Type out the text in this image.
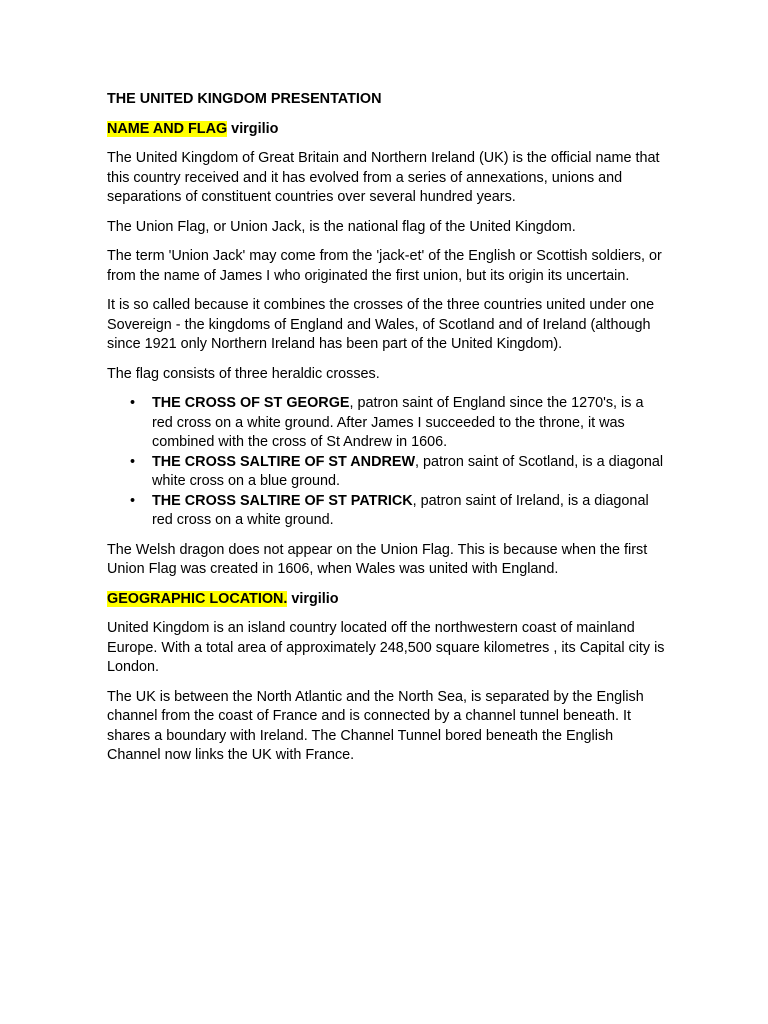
THE UNITED KINGDOM PRESENTATION
NAME AND FLAG virgilio

The United Kingdom of Great Britain and Northern Ireland (UK) is the official name that this country received and it has evolved from a series of annexations, unions and separations of constituent countries over several hundred years.

The Union Flag, or Union Jack, is the national flag of the United Kingdom.

The term 'Union Jack' may come from the 'jack-et' of the English or Scottish soldiers, or from the name of James I who originated the first union, but its origin its uncertain.

It is so called because it combines the crosses of the three countries united under one Sovereign - the kingdoms of England and Wales, of Scotland and of Ireland (although since 1921 only Northern Ireland has been part of the United Kingdom).

The flag consists of three heraldic crosses.

• THE CROSS OF ST GEORGE, patron saint of England since the 1270's, is a red cross on a white ground. After James I succeeded to the throne, it was combined with the cross of St Andrew in 1606.
• THE CROSS SALTIRE OF ST ANDREW, patron saint of Scotland, is a diagonal white cross on a blue ground.
• THE CROSS SALTIRE OF ST PATRICK, patron saint of Ireland, is a diagonal red cross on a white ground.

The Welsh dragon does not appear on the Union Flag. This is because when the first Union Flag was created in 1606, when Wales was united with England.

GEOGRAPHIC LOCATION. virgilio

United Kingdom is an island country located off the northwestern coast of mainland Europe. With a total area of approximately 248,500 square kilometres , its Capital city is London.

The UK is between the North Atlantic and the North Sea, is separated by the English channel from the coast of France and is connected by a channel tunnel beneath. It shares a boundary with Ireland. The Channel Tunnel bored beneath the English Channel now links the UK with France.
